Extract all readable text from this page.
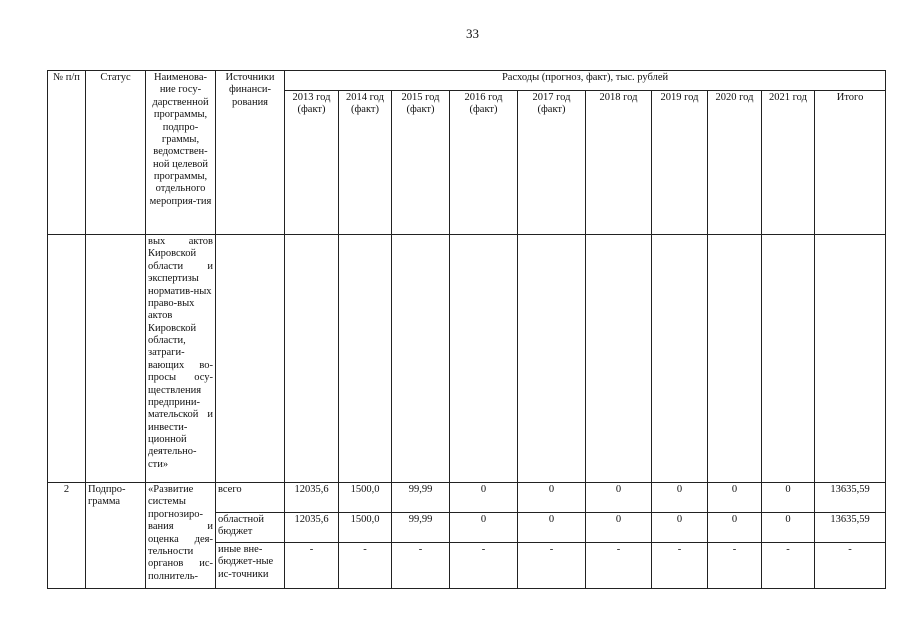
33
№ п/п	Статус	Наименова-ние госу-дарственной программы, подпро-граммы, ведомствен-ной целевой программы, отдельного мероприя-тия	Источники финанси-рования	Расходы (прогноз, факт), тыс. рублей									
				2013 год (факт)	2014 год (факт)	2015 год (факт)	2016 год (факт)	2017 год (факт)	2018 год	2019 год	2020 год	2021 год	Итого
		вых актов Кировской области и экспертизы норматив-ных право-вых актов Кировской области, затраги-вающих во-просы осу-ществления предприни-мательской и инвести-ционной деятельно-сти»											
2	Подпро-грамма	«Развитие системы прогнозиро-вания и оценка дея-тельности органов ис-полнитель-	всего	12035,6	1500,0	99,99	0	0	0	0	0	0	13635,59
			областной бюджет	12035,6	1500,0	99,99	0	0	0	0	0	0	13635,59
			иные вне-бюджет-ные ис-точники	-	-	-	-	-	-	-	-	-	-
